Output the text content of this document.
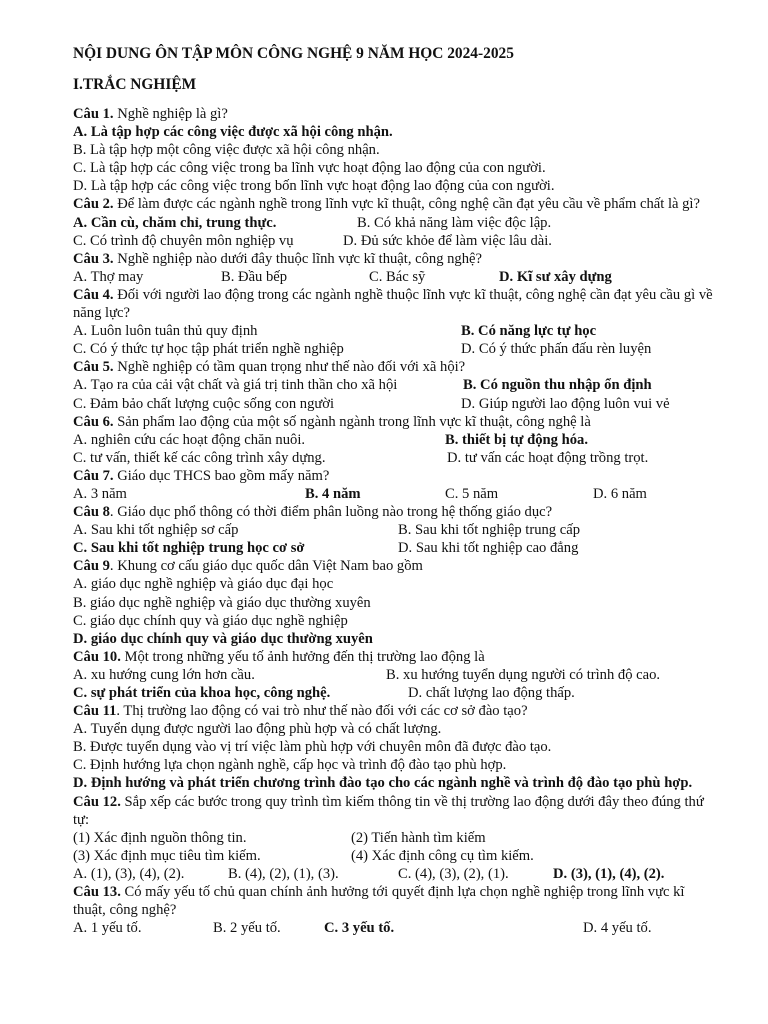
NỘI DUNG ÔN TẬP MÔN CÔNG NGHỆ 9 NĂM HỌC 2024-2025
I.TRẮC NGHIỆM
Câu 1. Nghề nghiệp là gì?
A. Là tập hợp các công việc được xã hội công nhận.
B. Là tập hợp một công việc được xã hội công nhận.
C. Là tập hợp các công việc trong ba lĩnh vực hoạt động lao động của con người.
D. Là tập hợp các công việc trong bốn lĩnh vực hoạt động lao động của con người.
Câu 2. Để làm được các ngành nghề trong lĩnh vực kĩ thuật, công nghệ cần đạt yêu cầu về phẩm chất là gì?
A. Cần cù, chăm chỉ, trung thực.	B. Có khả năng làm việc độc lập.
C. Có trình độ chuyên môn nghiệp vụ	D. Đủ sức khỏe để làm việc lâu dài.
Câu 3. Nghề nghiệp nào dưới đây thuộc lĩnh vực kĩ thuật, công nghệ?
A. Thợ may	B. Đầu bếp	C. Bác sỹ	D. Kĩ sư xây dựng
Câu 4. Đối với người lao động trong các ngành nghề thuộc lĩnh vực kĩ thuật, công nghệ cần đạt yêu cầu gì về năng lực?
A. Luôn luôn tuân thủ quy định	B. Có năng lực tự học
C. Có ý thức tự học tập phát triển nghề nghiệp	D. Có ý thức phấn đấu rèn luyện
Câu 5. Nghề nghiệp có tầm quan trọng như thế nào đối với xã hội?
A. Tạo ra của cải vật chất và giá trị tinh thần cho xã hội	B. Có nguồn thu nhập ổn định
C. Đảm bảo chất lượng cuộc sống con người	D. Giúp người lao động luôn vui vẻ
Câu 6. Sản phẩm lao động của một số ngành ngành trong lĩnh vực kĩ thuật, công nghệ là
A. nghiên cứu các hoạt động chăn nuôi.	B. thiết bị tự động hóa.
C. tư vấn, thiết kế các công trình xây dựng.	D. tư vấn các hoạt động trồng trọt.
Câu 7. Giáo dục THCS bao gồm mấy năm?
A. 3 năm	B. 4 năm	C. 5 năm	D. 6 năm
Câu 8. Giáo dục phổ thông có thời điểm phân luồng nào trong hệ thống giáo dục?
A. Sau khi tốt nghiệp sơ cấp	B. Sau khi tốt nghiệp trung cấp
C. Sau khi tốt nghiệp trung học cơ sở	D. Sau khi tốt nghiệp cao đẳng
Câu 9. Khung cơ cấu giáo dục quốc dân Việt Nam bao gồm
A. giáo dục nghề nghiệp và giáo dục đại học
B. giáo dục nghề nghiệp và giáo dục thường xuyên
C. giáo dục chính quy và giáo dục nghề nghiệp
D. giáo dục chính quy và giáo dục thường xuyên
Câu 10. Một trong những yếu tố ảnh hưởng đến thị trường lao động là
A. xu hướng cung lớn hơn cầu.	B. xu hướng tuyển dụng người có trình độ cao.
C. sự phát triển của khoa học, công nghệ.	D. chất lượng lao động thấp.
Câu 11. Thị trường lao động có vai trò như thế nào đối với các cơ sở đào tạo?
A. Tuyển dụng được người lao động phù hợp và có chất lượng.
B. Được tuyển dụng vào vị trí việc làm phù hợp với chuyên môn đã được đào tạo.
C. Định hướng lựa chọn ngành nghề, cấp học và trình độ đào tạo phù hợp.
D. Định hướng và phát triển chương trình đào tạo cho các ngành nghề và trình độ đào tạo phù hợp.
Câu 12. Sắp xếp các bước trong quy trình tìm kiếm thông tin về thị trường lao động dưới đây theo đúng thứ tự:
(1) Xác định nguồn thông tin.	(2) Tiến hành tìm kiếm
(3) Xác định mục tiêu tìm kiếm.	(4) Xác định công cụ tìm kiếm.
A. (1), (3), (4), (2).	B. (4), (2), (1), (3).	C. (4), (3), (2), (1).	D. (3), (1), (4), (2).
Câu 13. Có mấy yếu tố chủ quan chính ảnh hưởng tới quyết định lựa chọn nghề nghiệp trong lĩnh vực kĩ thuật, công nghệ?
A. 1 yếu tố.	B. 2 yếu tố.	C. 3 yếu tố.	D. 4 yếu tố.
